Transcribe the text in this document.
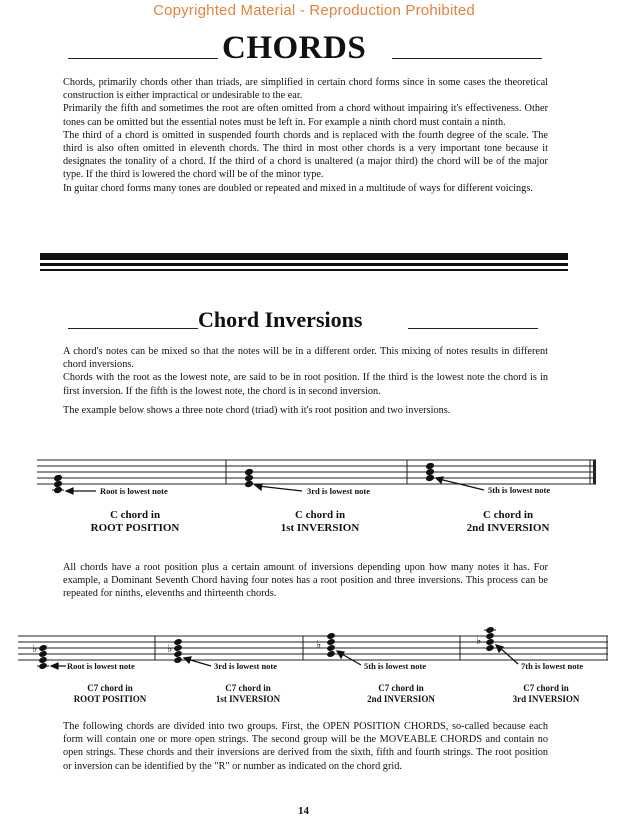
Copyrighted Material - Reproduction Prohibited
CHORDS

Chords, primarily chords other than triads, are simplified in certain chord forms since in some cases the theoretical construction is either impractical or undesirable to the ear.

Primarily the fifth and sometimes the root are often omitted from a chord without impairing it's effectiveness. Other tones can be omitted but the essential notes must be left in. For example a ninth chord must contain a ninth.

The third of a chord is omitted in suspended fourth chords and is replaced with the fourth degree of the scale. The third is also often omitted in eleventh chords. The third in most other chords is a very important tone because it designates the tonality of a chord. If the third of a chord is unaltered (a major third) the chord will be of the major type. If the third is lowered the chord will be of the minor type.

In guitar chord forms many tones are doubled or repeated and mixed in a multitude of ways for different voicings.

Chord Inversions

A chord's notes can be mixed so that the notes will be in a different order. This mixing of notes results in different chord inversions.

Chords with the root as the lowest note, are said to be in root position. If the third is the lowest note the chord is in first inversion. If the fifth is the lowest note, the chord is in second inversion.

The example below shows a three note chord (triad) with it's root position and two inversions.

Root is lowest note	3rd is lowest note	5th is lowest note
C chord in
ROOT POSITION
C chord in
1st INVERSION
C chord in
2nd INVERSION

All chords have a root position plus a certain amount of inversions depending upon how many notes it has. For example, a Dominant Seventh Chord having four notes has a root position and three inversions. This process can be repeated for ninths, elevenths and thirteenth chords.

♭	♭	♭	♭
Root is lowest note	3rd is lowest note	5th is lowest note	7th is lowest note
C7 chord in
ROOT POSITION
C7 chord in
1st INVERSION
C7 chord in
2nd INVERSION
C7 chord in
3rd INVERSION

The following chords are divided into two groups. First, the OPEN POSITION CHORDS, so-called because each form will contain one or more open strings. The second group will be the MOVEABLE CHORDS and contain no open strings. These chords and their inversions are derived from the sixth, fifth and fourth strings. The root position or inversion can be identified by the "R" or number as indicated on the chord grid.

14
